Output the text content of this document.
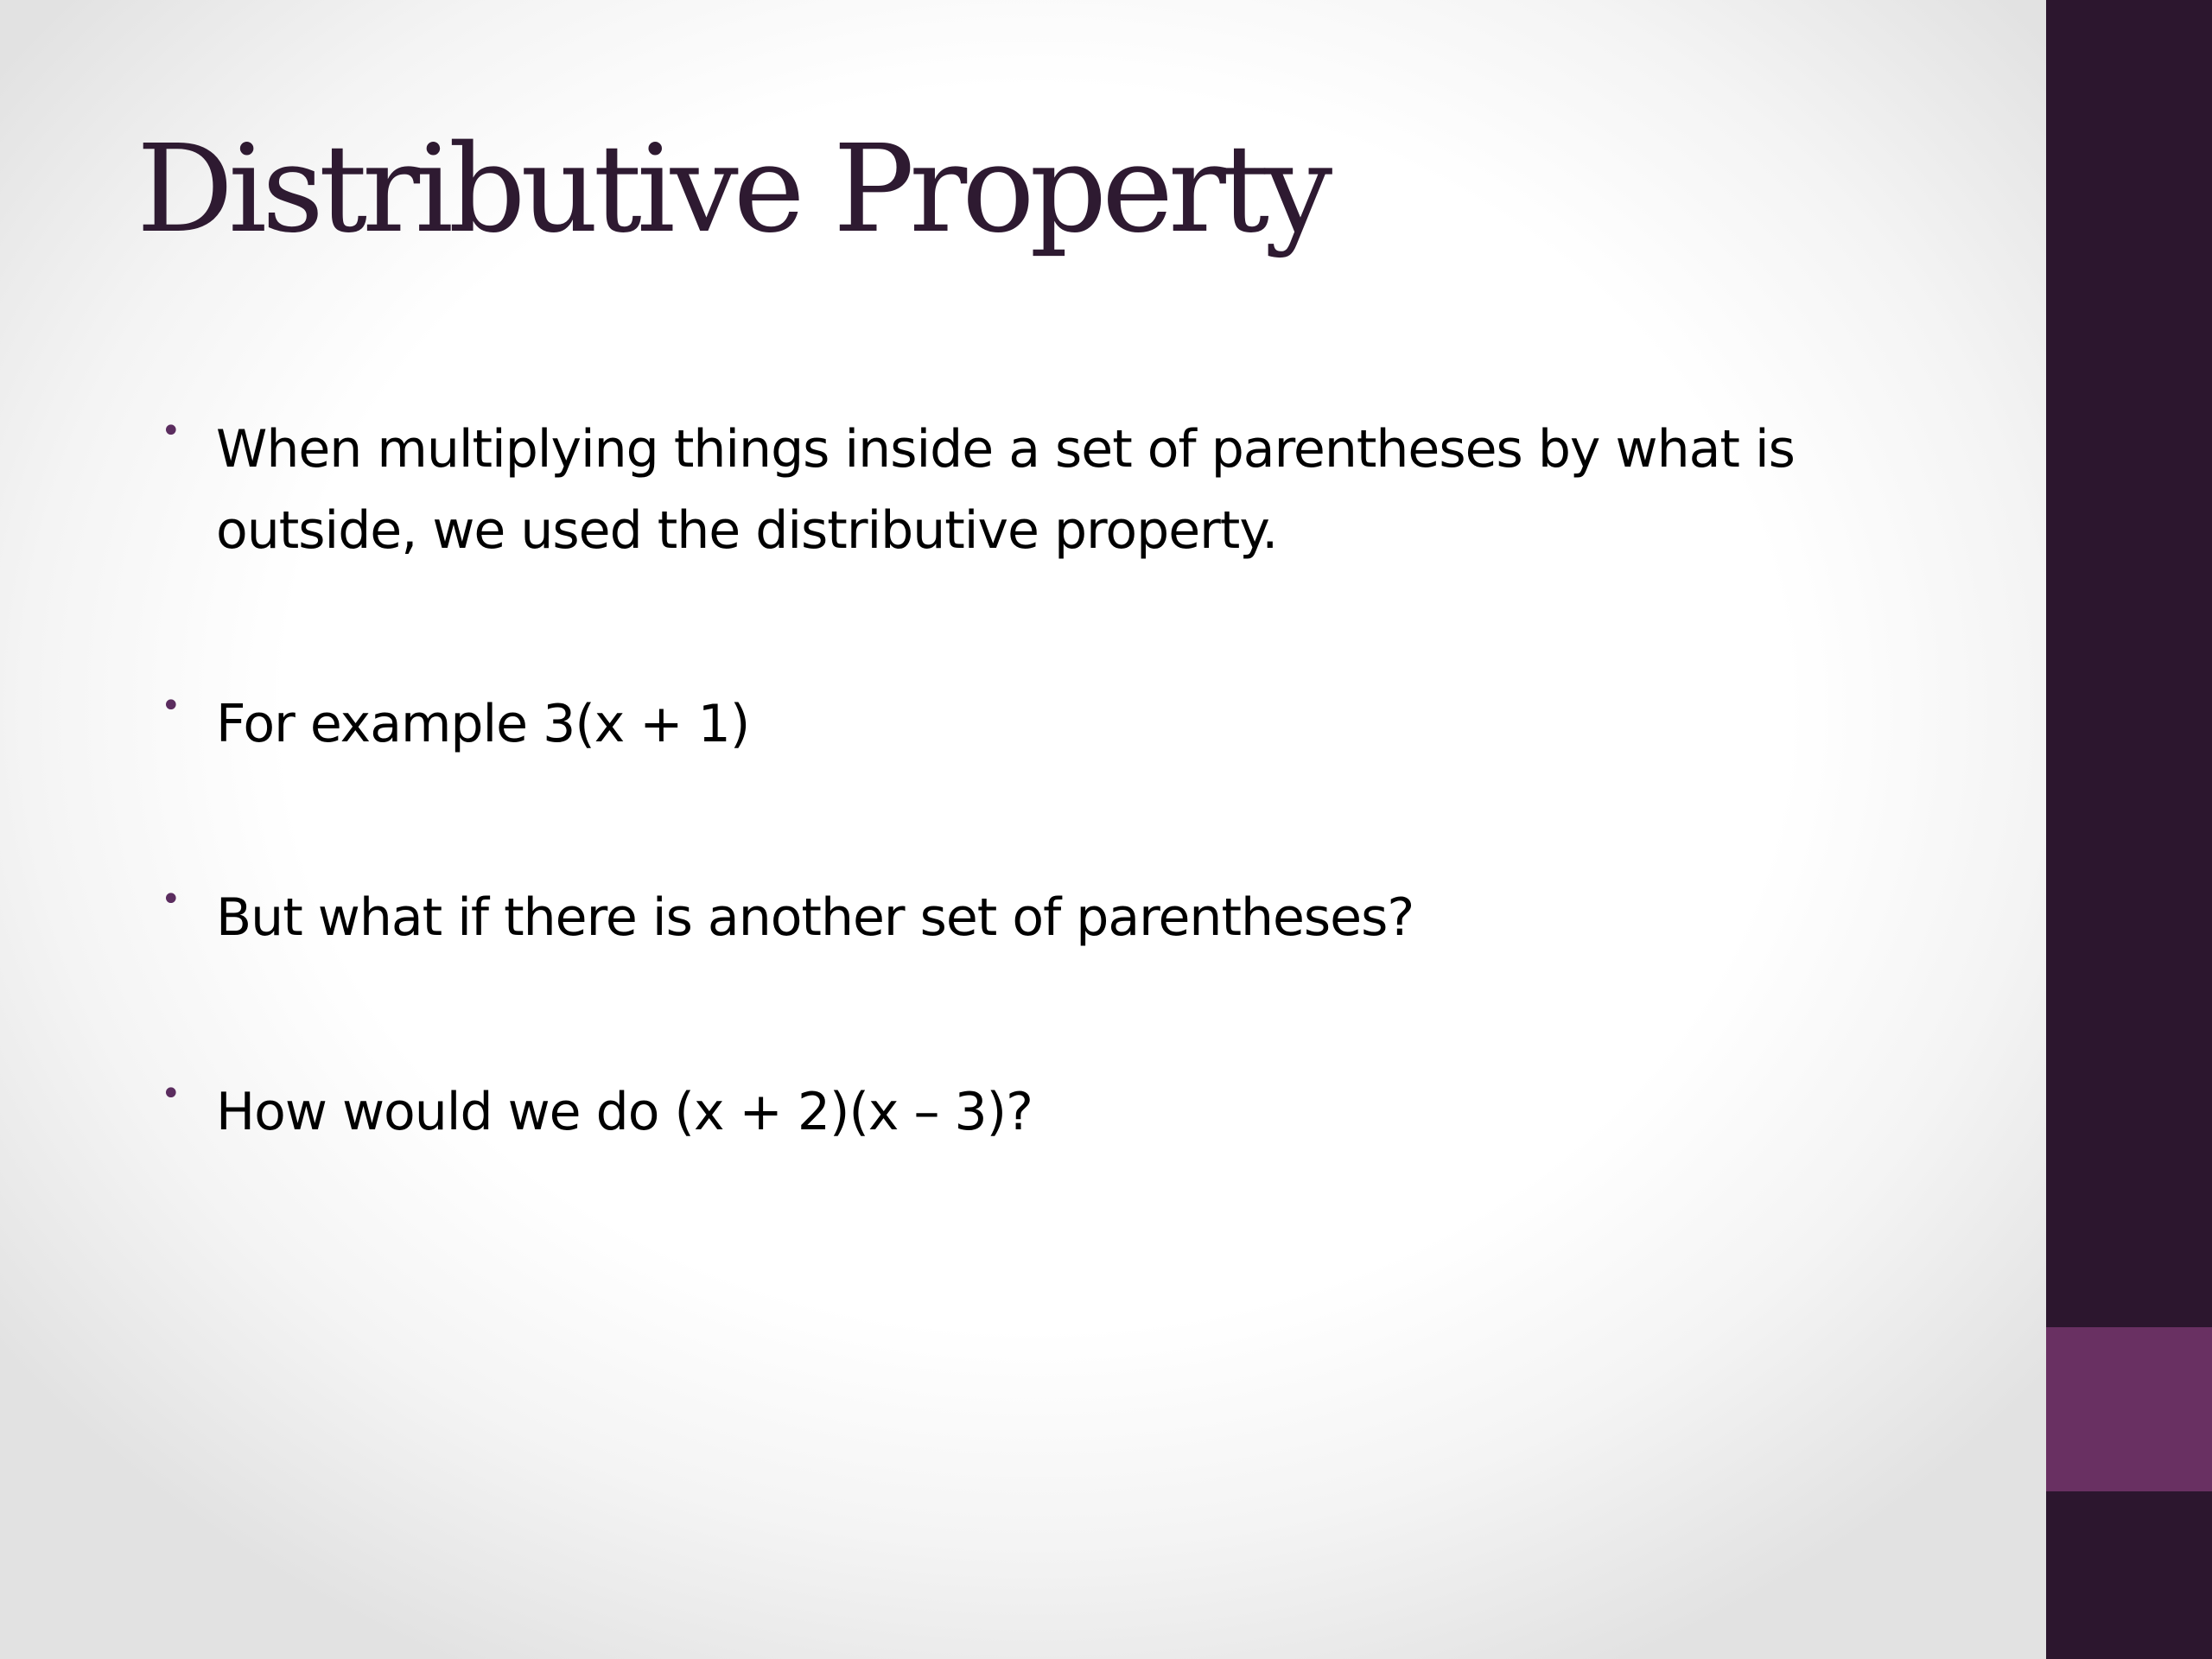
Distributive Property
• When multiplying things inside a set of parentheses by what is
outside, we used the distributive property.
• For example 3(x + 1)
• But what if there is another set of parentheses?
• How would we do (x + 2)(x – 3)?
